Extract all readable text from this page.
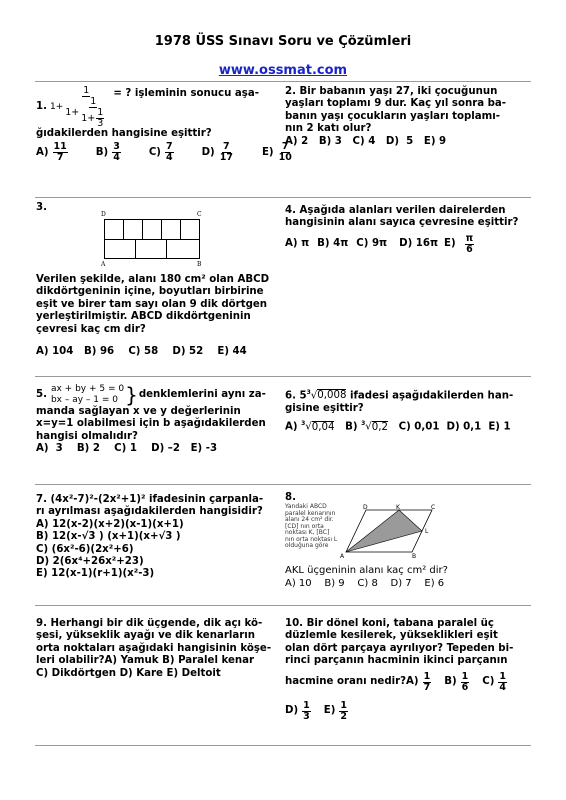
1978 ÜSS Sınavı Soru ve Çözümleri
www.ossmat.com
1. $1+ \frac{1}{1+ \frac{1}{1+ \frac{1}{3}}}$ = ? işleminin sonucu aşa-

ğıdakilerden hangisine eşittir?

$A) \frac{11}{7} B) \frac{3}{4} C) \frac{7}{4} D) \frac{7}{17} E) \frac{7}{10}$

2. Bir babanın yaşı 27, iki çocuğunun

yaşları toplamı 9 dur. Kaç yıl sonra ba-

banın yaşı çocukların yaşları toplamı-

nın 2 katı olur?

A) 2   B) 3   C) 4   D)  5   E) 9

3.
D	C
A	B

Verilen şekilde, alanı 180 cm² olan ABCD

dikdörtgeninin içine, boyutları birbirine

eşit ve birer tam sayı olan 9 dik dörtgen

yerleştirilmiştir. ABCD dikdörtgeninin

çevresi kaç cm dir?

A) 104   B) 96    C) 58    D) 52    E) 44

4. Aşağıda alanları verilen dairelerden

hangisinin alanı sayıca çevresine eşittir?

A) π B) 4π C) 9π D) 16π $E) \frac{\pi}{6}$
5. ax + by + 5 = 0
bx – ay – 1 = 0 } denklemlerini aynı za-

manda sağlayan x ve y değerlerinin

x=y=1 olabilmesi için b aşağıdakilerden

hangisi olmalıdır?

A)  3    B) 2    C) 1    D) –2   E) -3

6. $5^3√0,008$ ifadesi aşağıdakilerden han-

gisine eşittir?

A) $^3$√0,04 B) $^3$√0,2 C) 0,01  D) 0,1  E) 1

7. (4x²-7)²-(2x²+1)² ifadesinin çarpanla-

rı ayrılması aşağıdakilerden hangisidir?

A) 12(x-2)(x+2)(x-1)(x+1)

B) 12(x-√3 ) (x+1)(x+√3 )

C) (6x²-6)(2x²+6)

D) 2(6x⁴+26x²+23)

E) 12(x-1)(r+1)(x²-3)

8.
Yandaki ABCD
paralel kenarının
alanı 24 cm² dir.
[CD] nın orta
noktası K, [BC]
nın orta noktası L
olduğuna göre
D	K	C
L
A	B

AKL üçgeninin alanı kaç cm² dir?

A) 10    B) 9    C) 8    D) 7    E) 6

9. Herhangi bir dik üçgende, dik açı kö-

şesi, yükseklik ayağı ve dik kenarların

orta noktaları aşağıdaki hangisinin köşe-

leri olabilir?A) Yamuk B) Paralel kenar

C) Dikdörtgen D) Kare E) Deltoit

10. Bir dönel koni, tabana paralel üç

düzlemle kesilerek, yükseklikleri eşit

olan dört parçaya ayrılıyor? Tepeden bi-

rinci parçanın hacminin ikinci parçanın

hacmine oranı nedir?A) $\frac{1}{7} B) \frac{1}{6} C) \frac{1}{4}$
$D) \frac{1}{3} E) \frac{1}{2}$
